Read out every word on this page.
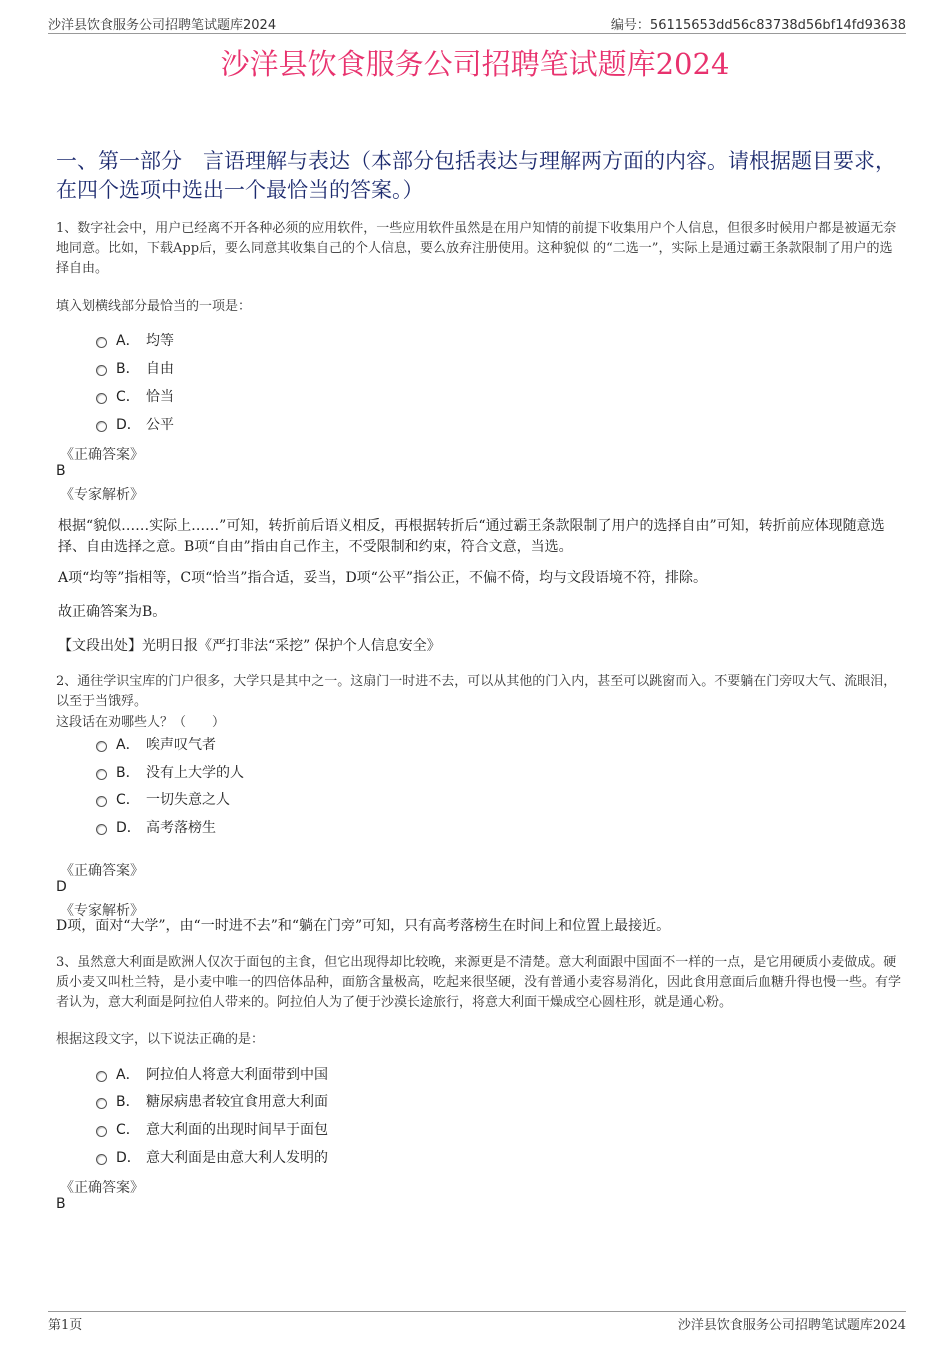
沙洋县饮食服务公司招聘笔试题库2024	编号：56115653dd56c83738d56bf14fd93638
沙洋县饮食服务公司招聘笔试题库2024
一、第一部分　言语理解与表达（本部分包括表达与理解两方面的内容。请根据题目要求，在四个选项中选出一个最恰当的答案。）
1、数字社会中，用户已经离不开各种必须的应用软件，一些应用软件虽然是在用户知情的前提下收集用户个人信息，但很多时候用户都是被逼无奈地同意。比如，下载App后，要么同意其收集自己的个人信息，要么放弃注册使用。这种貌似 的“二选一”，实际上是通过霸王条款限制了用户的选择自由。
填入划横线部分最恰当的一项是：
A． 均等
B． 自由
C． 恰当
D． 公平
《正确答案》
B
《专家解析》
根据“貌似……实际上……”可知，转折前后语义相反，再根据转折后“通过霸王条款限制了用户的选择自由”可知，转折前应体现随意选择、自由选择之意。B项“自由”指由自己作主，不受限制和约束，符合文意，当选。
A项“均等”指相等，C项“恰当”指合适，妥当，D项“公平”指公正，不偏不倚，均与文段语境不符，排除。
故正确答案为B。
【文段出处】光明日报《严打非法“采挖” 保护个人信息安全》
2、通往学识宝库的门户很多，大学只是其中之一。这扇门一时进不去，可以从其他的门入内，甚至可以跳窗而入。不要躺在门旁叹大气、流眼泪，以至于当饿殍。
这段话在劝哪些人？（　　）
A． 唉声叹气者
B． 没有上大学的人
C． 一切失意之人
D． 高考落榜生
《正确答案》
D
《专家解析》
D项，面对“大学”，由“一时进不去”和“躺在门旁”可知，只有高考落榜生在时间上和位置上最接近。
3、虽然意大利面是欧洲人仅次于面包的主食，但它出现得却比较晚，来源更是不清楚。意大利面跟中国面不一样的一点，是它用硬质小麦做成。硬质小麦又叫杜兰特，是小麦中唯一的四倍体品种，面筋含量极高，吃起来很坚硬，没有普通小麦容易消化，因此食用意面后血糖升得也慢一些。有学者认为，意大利面是阿拉伯人带来的。阿拉伯人为了便于沙漠长途旅行，将意大利面干燥成空心圆柱形，就是通心粉。
根据这段文字，以下说法正确的是：
A． 阿拉伯人将意大利面带到中国
B． 糖尿病患者较宜食用意大利面
C． 意大利面的出现时间早于面包
D． 意大利面是由意大利人发明的
《正确答案》
B
第1页	沙洋县饮食服务公司招聘笔试题库2024
